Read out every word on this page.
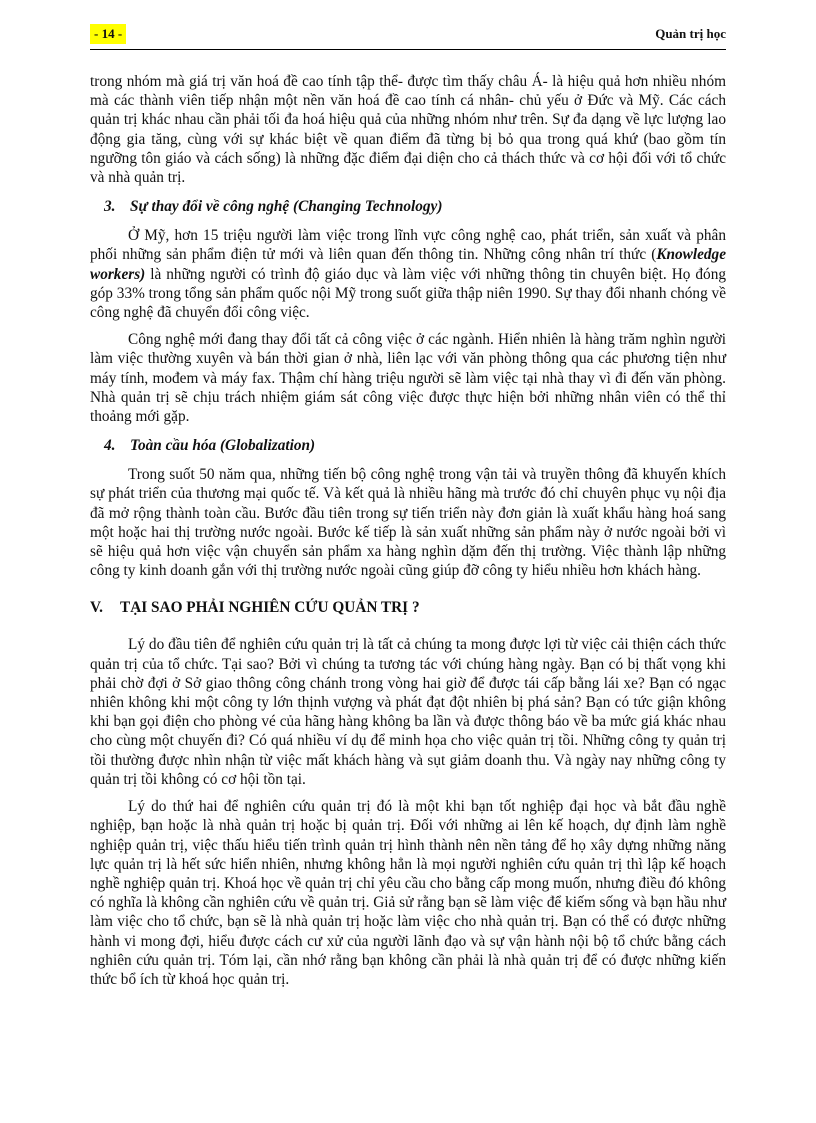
- 14 -	Quản trị học

trong nhóm mà giá trị văn hoá đề cao tính tập thể- được tìm thấy châu Á- là hiệu quả hơn nhiều nhóm mà các thành viên tiếp nhận một nền văn hoá đề cao tính cá nhân- chủ yếu ở Đức và Mỹ. Các cách quản trị khác nhau cần phải tối đa hoá hiệu quả của những nhóm như trên. Sự đa dạng về lực lượng lao động gia tăng, cùng với sự khác biệt về quan điểm đã từng bị bỏ qua trong quá khứ (bao gồm tín ngưỡng tôn giáo và cách sống) là những đặc điểm đại diện cho cả thách thức và cơ hội đối với tổ chức và nhà quản trị.

3. Sự thay đổi về công nghệ (Changing Technology)

Ở Mỹ, hơn 15 triệu người làm việc trong lĩnh vực công nghệ cao, phát triển, sản xuất và phân phối những sản phẩm điện tử mới và liên quan đến thông tin. Những công nhân trí thức (Knowledge workers) là những người có trình độ giáo dục và làm việc với những thông tin chuyên biệt. Họ đóng góp 33% trong tổng sản phẩm quốc nội Mỹ trong suốt giữa thập niên 1990. Sự thay đổi nhanh chóng về công nghệ đã chuyển đổi công việc.

Công nghệ mới đang thay đổi tất cả công việc ở các ngành. Hiển nhiên là hàng trăm nghìn người làm việc thường xuyên và bán thời gian ở nhà, liên lạc với văn phòng thông qua các phương tiện như máy tính, mođem và máy fax. Thậm chí hàng triệu người sẽ làm việc tại nhà thay vì đi đến văn phòng. Nhà quản trị sẽ chịu trách nhiệm giám sát công việc được thực hiện bởi những nhân viên có thể thỉ thoảng mới gặp.

4. Toàn cầu hóa (Globalization)

Trong suốt 50 năm qua, những tiến bộ công nghệ trong vận tải và truyền thông đã khuyến khích sự phát triển của thương mại quốc tế. Và kết quả là nhiều hãng mà trước đó chỉ chuyên phục vụ nội địa đã mở rộng thành toàn cầu. Bước đầu tiên trong sự tiến triển này đơn giản là xuất khẩu hàng hoá sang một hoặc hai thị trường nước ngoài. Bước kế tiếp là sản xuất những sản phẩm này ở nước ngoài bởi vì sẽ hiệu quả hơn việc vận chuyển sản phẩm xa hàng nghìn dặm đến thị trường. Việc thành lập những công ty kinh doanh gắn với thị trường nước ngoài cũng giúp đỡ công ty hiểu nhiều hơn khách hàng.

V. TẠI SAO PHẢI NGHIÊN CỨU QUẢN TRỊ ?

Lý do đầu tiên để nghiên cứu quản trị là tất cả chúng ta mong được lợi từ việc cải thiện cách thức quản trị của tổ chức. Tại sao? Bởi vì chúng ta tương tác với chúng hàng ngày. Bạn có bị thất vọng khi phải chờ đợi ở Sở giao thông công chánh trong vòng hai giờ để được tái cấp bằng lái xe? Bạn có ngạc nhiên không khi một công ty lớn thịnh vượng và phát đạt đột nhiên bị phá sản? Bạn có tức giận không khi bạn gọi điện cho phòng vé của hãng hàng không ba lần và được thông báo về ba mức giá khác nhau cho cùng một chuyến đi? Có quá nhiều ví dụ để minh họa cho việc quản trị tồi. Những công ty quản trị tồi thường được nhìn nhận từ việc mất khách hàng và sụt giảm doanh thu. Và ngày nay những công ty quản trị tồi không có cơ hội tồn tại.

Lý do thứ hai để nghiên cứu quản trị đó là một khi bạn tốt nghiệp đại học và bắt đầu nghề nghiệp, bạn hoặc là nhà quản trị hoặc bị quản trị. Đối với những ai lên kế hoạch, dự định làm nghề nghiệp quản trị, việc thấu hiểu tiến trình quản trị hình thành nên nền tảng để họ xây dựng những năng lực quản trị là hết sức hiển nhiên, nhưng không hẳn là mọi người nghiên cứu quản trị thì lập kế hoạch nghề nghiệp quản trị. Khoá học về quản trị chỉ yêu cầu cho bằng cấp mong muốn, nhưng điều đó không có nghĩa là không cần nghiên cứu về quản trị. Giả sử rằng bạn sẽ làm việc để kiếm sống và bạn hầu như làm việc cho tổ chức, bạn sẽ là nhà quản trị hoặc làm việc cho nhà quản trị. Bạn có thể có được những hành vi mong đợi, hiểu được cách cư xử của người lãnh đạo và sự vận hành nội bộ tổ chức bằng cách nghiên cứu quản trị. Tóm lại, cần nhớ rằng bạn không cần phải là nhà quản trị để có được những kiến thức bổ ích từ khoá học quản trị.
